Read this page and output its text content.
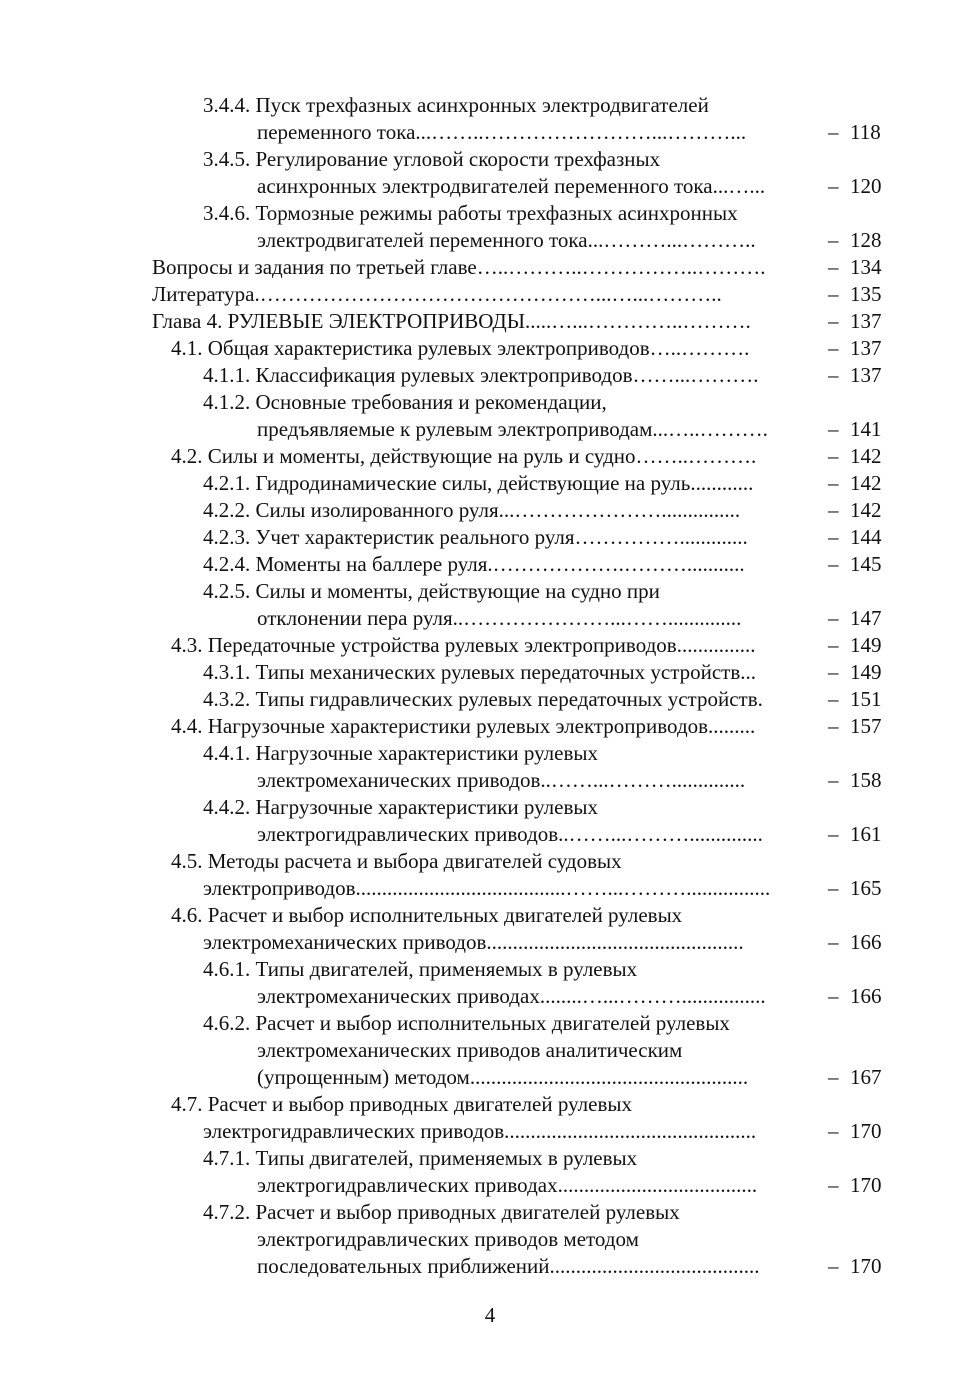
3.4.4. Пуск трехфазных асинхронных электродвигателей
переменного тока...……..……………………...………...	– 118
3.4.5. Регулирование угловой скорости трехфазных
асинхронных электродвигателей переменного тока...…...	– 120
3.4.6. Тормозные режимы работы трехфазных асинхронных
электродвигателей переменного тока...………...………..	– 128
Вопросы и задания по третьей главе…..………..……………..……….	– 134
Литература.…………………………………………...…...………..	– 135
Глава 4. РУЛЕВЫЕ ЭЛЕКТРОПРИВОДЫ.....…...…………..……….	– 137
4.1. Общая характеристика рулевых электроприводов…..……….	– 137
4.1.1. Классификация рулевых электроприводов……...……….	– 137
4.1.2. Основные требования и рекомендации,
предъявляемые к рулевым электроприводам...…..……….	– 141
4.2. Силы и моменты, действующие на руль и судно……..……….	– 142
4.2.1. Гидродинамические силы, действующие на руль............	– 142
4.2.2. Силы изолированного руля...…………………...............	– 142
4.2.3. Учет характеристик реального руля…………….............	– 144
4.2.4. Моменты на баллере руля.……………….………...........	– 145
4.2.5. Силы и моменты, действующие на судно при
отклонении пера руля..…………………...……..............	– 147
4.3. Передаточные устройства рулевых электроприводов...............	– 149
4.3.1. Типы механических рулевых передаточных устройств...	– 149
4.3.2. Типы гидравлических рулевых передаточных устройств.	– 151
4.4. Нагрузочные характеристики рулевых электроприводов.........	– 157
4.4.1. Нагрузочные характеристики рулевых
электромеханических приводов..……...………..............	– 158
4.4.2. Нагрузочные характеристики рулевых
электрогидравлических приводов..……...………..............	– 161
4.5. Методы расчета и выбора двигателей судовых
электроприводов........................................……...………................	– 165
4.6. Расчет и выбор исполнительных двигателей рулевых
электромеханических приводов.................................................	– 166
4.6.1. Типы двигателей, применяемых в рулевых
электромеханических приводах........…...………................	– 166
4.6.2. Расчет и выбор исполнительных двигателей рулевых
электромеханических приводов аналитическим
(упрощенным) методом.....................................................	– 167
4.7. Расчет и выбор приводных двигателей рулевых
электрогидравлических приводов................................................	– 170
4.7.1. Типы двигателей, применяемых в рулевых
электрогидравлических приводах......................................	– 170
4.7.2. Расчет и выбор приводных двигателей рулевых
электрогидравлических приводов методом
последовательных приближений........................................	– 170
4
